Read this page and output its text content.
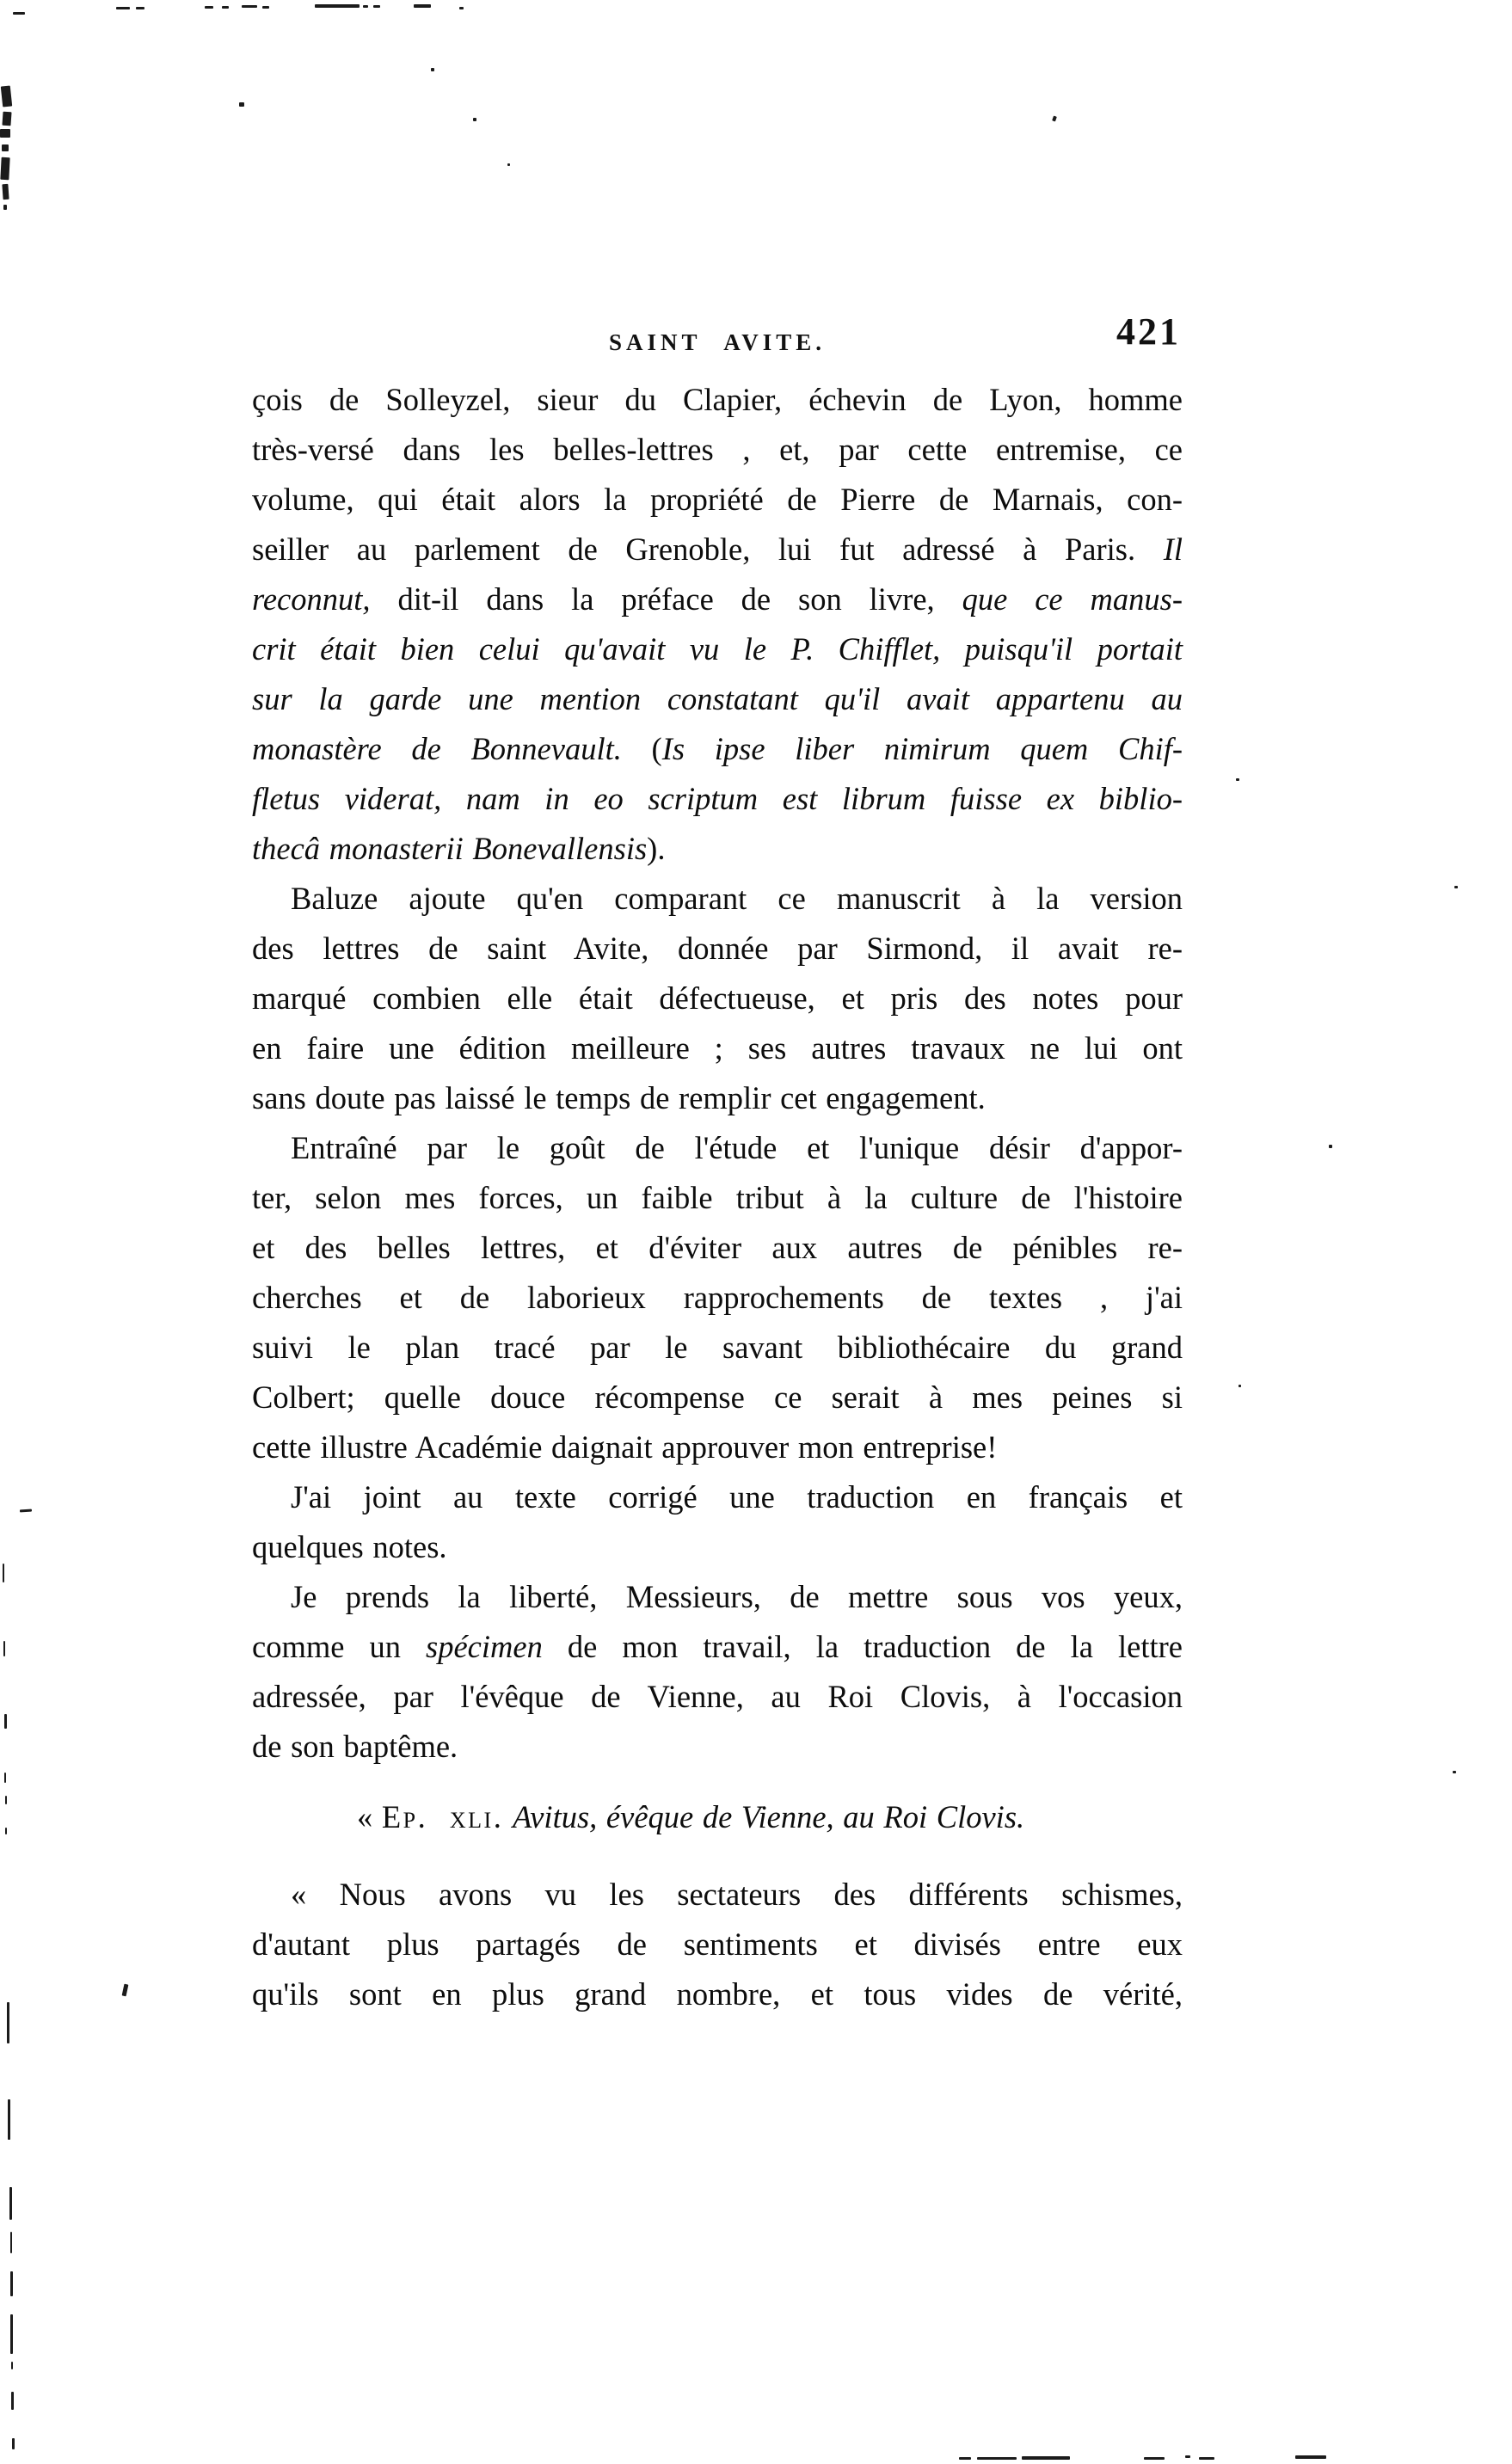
SAINT AVITE.	421
çois de Solleyzel, sieur du Clapier, échevin de Lyon, homme
très-versé dans les belles-lettres , et, par cette entremise, ce
volume, qui était alors la propriété de Pierre de Marnais, con-
seiller au parlement de Grenoble, lui fut adressé à Paris. Il
reconnut, dit-il dans la préface de son livre, que ce manus-
crit était bien celui qu'avait vu le P. Chifflet, puisqu'il portait
sur la garde une mention constatant qu'il avait appartenu au
monastère de Bonnevault. (Is ipse liber nimirum quem Chif-
fletus viderat, nam in eo scriptum est librum fuisse ex biblio-
thecâ monasterii Bonevallensis).
Baluze ajoute qu'en comparant ce manuscrit à la version
des lettres de saint Avite, donnée par Sirmond, il avait re-
marqué combien elle était défectueuse, et pris des notes pour
en faire une édition meilleure ; ses autres travaux ne lui ont
sans doute pas laissé le temps de remplir cet engagement.
Entraîné par le goût de l'étude et l'unique désir d'appor-
ter, selon mes forces, un faible tribut à la culture de l'histoire
et des belles lettres, et d'éviter aux autres de pénibles re-
cherches et de laborieux rapprochements de textes , j'ai
suivi le plan tracé par le savant bibliothécaire du grand
Colbert; quelle douce récompense ce serait à mes peines si
cette illustre Académie daignait approuver mon entreprise!
J'ai joint au texte corrigé une traduction en français et
quelques notes.
Je prends la liberté, Messieurs, de mettre sous vos yeux,
comme un spécimen de mon travail, la traduction de la lettre
adressée, par l'évêque de Vienne, au Roi Clovis, à l'occasion
de son baptême.
« Ep. xli. Avitus, évêque de Vienne, au Roi Clovis.
« Nous avons vu les sectateurs des différents schismes,
d'autant plus partagés de sentiments et divisés entre eux
qu'ils sont en plus grand nombre, et tous vides de vérité,
